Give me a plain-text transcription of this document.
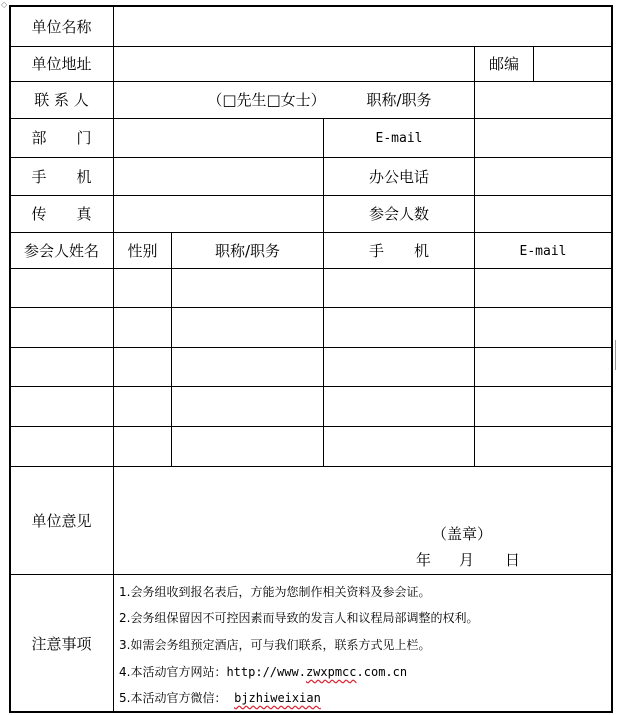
单位名称
单位地址	邮编
联 系 人	（□先生□女士）	职称/职务
部　　门	E-mail
手　　机	办公电话
传　　真	参会人数
参会人姓名	性别	职称/职务	手　　机	E-mail
单位意见
（盖章）
年 月 日
注意事项
1.会务组收到报名表后，方能为您制作相关资料及参会证。
2.会务组保留因不可控因素而导致的发言人和议程局部调整的权利。
3.如需会务组预定酒店，可与我们联系，联系方式见上栏。
4.本活动官方网站：http://www.zwxpmcc.com.cn
5.本活动官方微信： bjzhiweixian
◇
